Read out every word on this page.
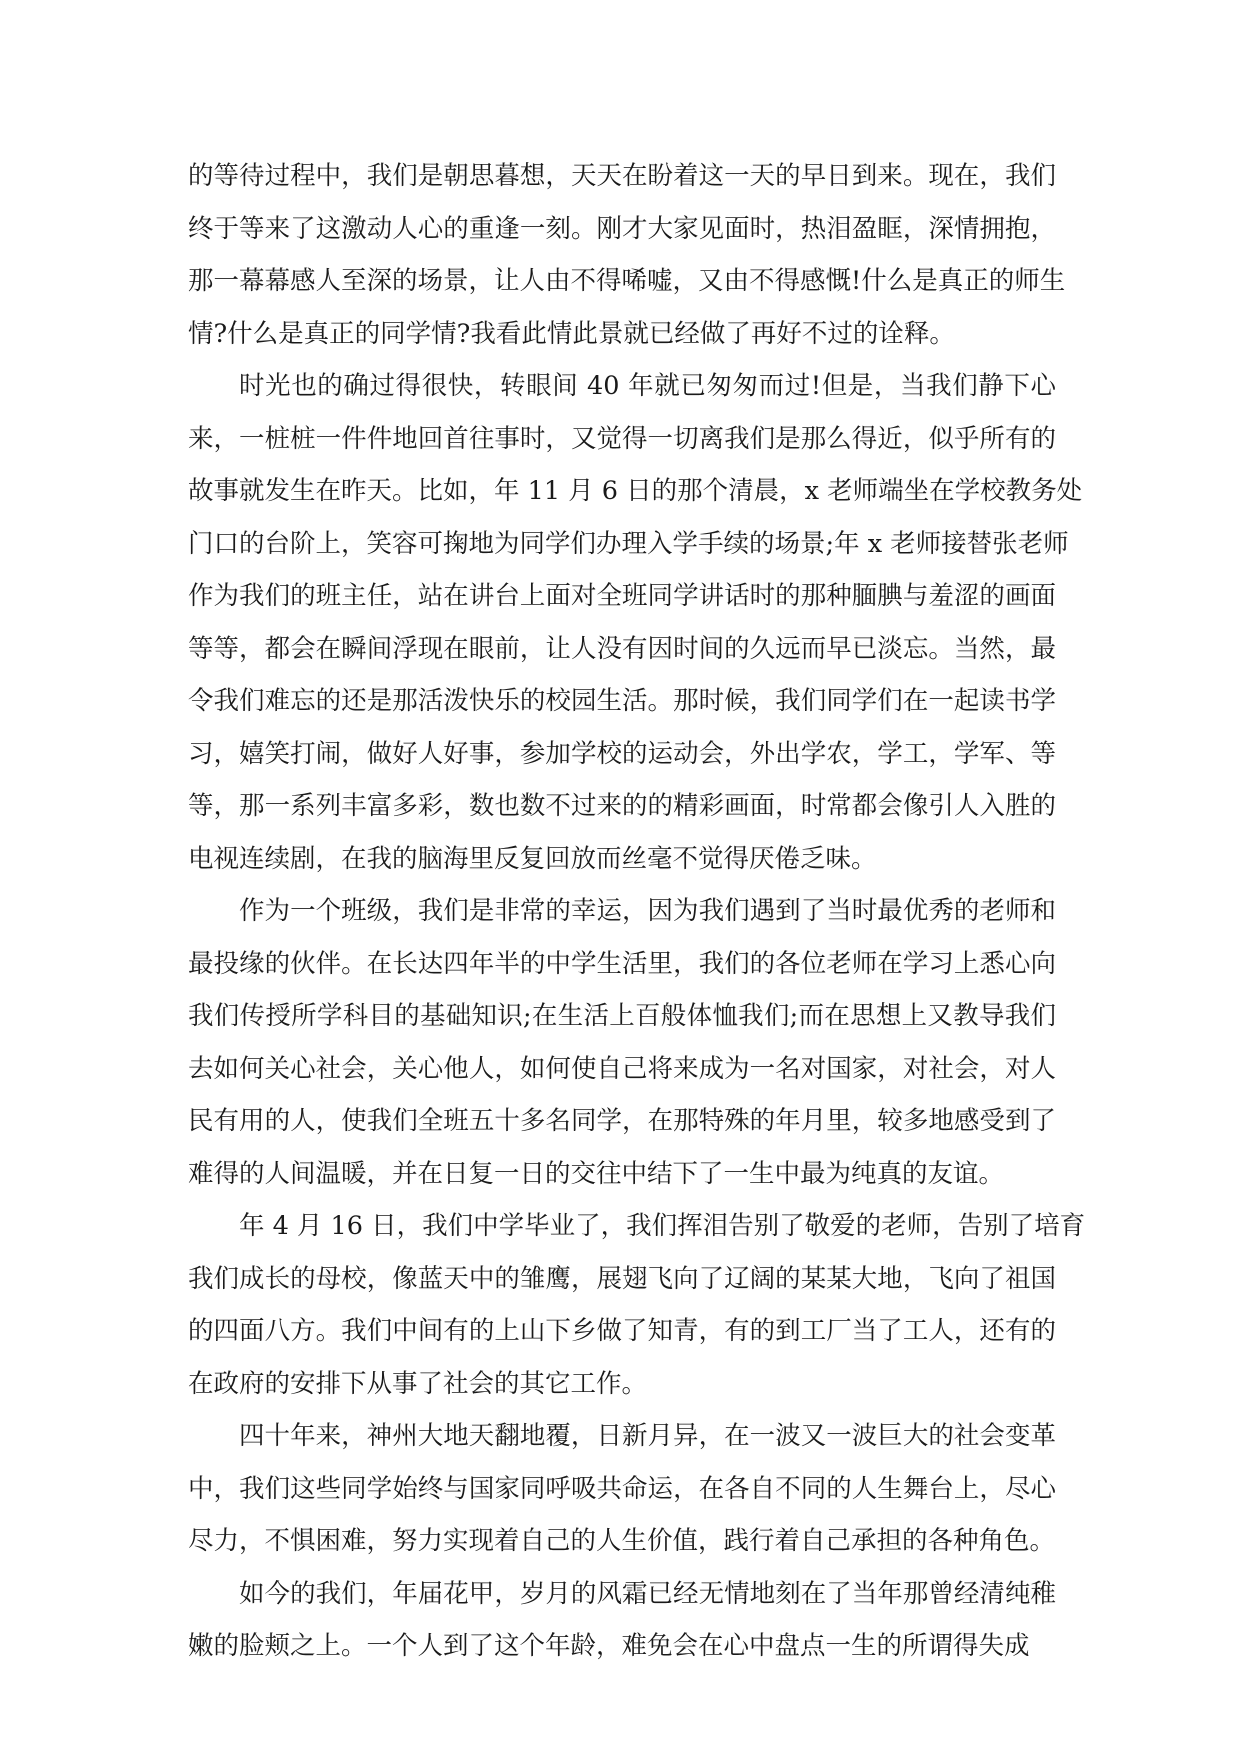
的等待过程中，我们是朝思暮想，天天在盼着这一天的早日到来。现在，我们
终于等来了这激动人心的重逢一刻。刚才大家见面时，热泪盈眶，深情拥抱，
那一幕幕感人至深的场景，让人由不得唏嘘，又由不得感慨!什么是真正的师生
情?什么是真正的同学情?我看此情此景就已经做了再好不过的诠释。
时光也的确过得很快，转眼间 40 年就已匆匆而过!但是，当我们静下心
来，一桩桩一件件地回首往事时，又觉得一切离我们是那么得近，似乎所有的
故事就发生在昨天。比如，年 11 月 6 日的那个清晨，x 老师端坐在学校教务处
门口的台阶上，笑容可掬地为同学们办理入学手续的场景;年 x 老师接替张老师
作为我们的班主任，站在讲台上面对全班同学讲话时的那种腼腆与羞涩的画面
等等，都会在瞬间浮现在眼前，让人没有因时间的久远而早已淡忘。当然，最
令我们难忘的还是那活泼快乐的校园生活。那时候，我们同学们在一起读书学
习，嬉笑打闹，做好人好事，参加学校的运动会，外出学农，学工，学军、等
等，那一系列丰富多彩，数也数不过来的的精彩画面，时常都会像引人入胜的
电视连续剧，在我的脑海里反复回放而丝毫不觉得厌倦乏味。
作为一个班级，我们是非常的幸运，因为我们遇到了当时最优秀的老师和
最投缘的伙伴。在长达四年半的中学生活里，我们的各位老师在学习上悉心向
我们传授所学科目的基础知识;在生活上百般体恤我们;而在思想上又教导我们
去如何关心社会，关心他人，如何使自己将来成为一名对国家，对社会，对人
民有用的人，使我们全班五十多名同学，在那特殊的年月里，较多地感受到了
难得的人间温暖，并在日复一日的交往中结下了一生中最为纯真的友谊。
年 4 月 16 日，我们中学毕业了，我们挥泪告别了敬爱的老师，告别了培育
我们成长的母校，像蓝天中的雏鹰，展翅飞向了辽阔的某某大地，飞向了祖国
的四面八方。我们中间有的上山下乡做了知青，有的到工厂当了工人，还有的
在政府的安排下从事了社会的其它工作。
四十年来，神州大地天翻地覆，日新月异，在一波又一波巨大的社会变革
中，我们这些同学始终与国家同呼吸共命运，在各自不同的人生舞台上，尽心
尽力，不惧困难，努力实现着自己的人生价值，践行着自己承担的各种角色。
如今的我们，年届花甲，岁月的风霜已经无情地刻在了当年那曾经清纯稚
嫩的脸颊之上。一个人到了这个年龄，难免会在心中盘点一生的所谓得失成
